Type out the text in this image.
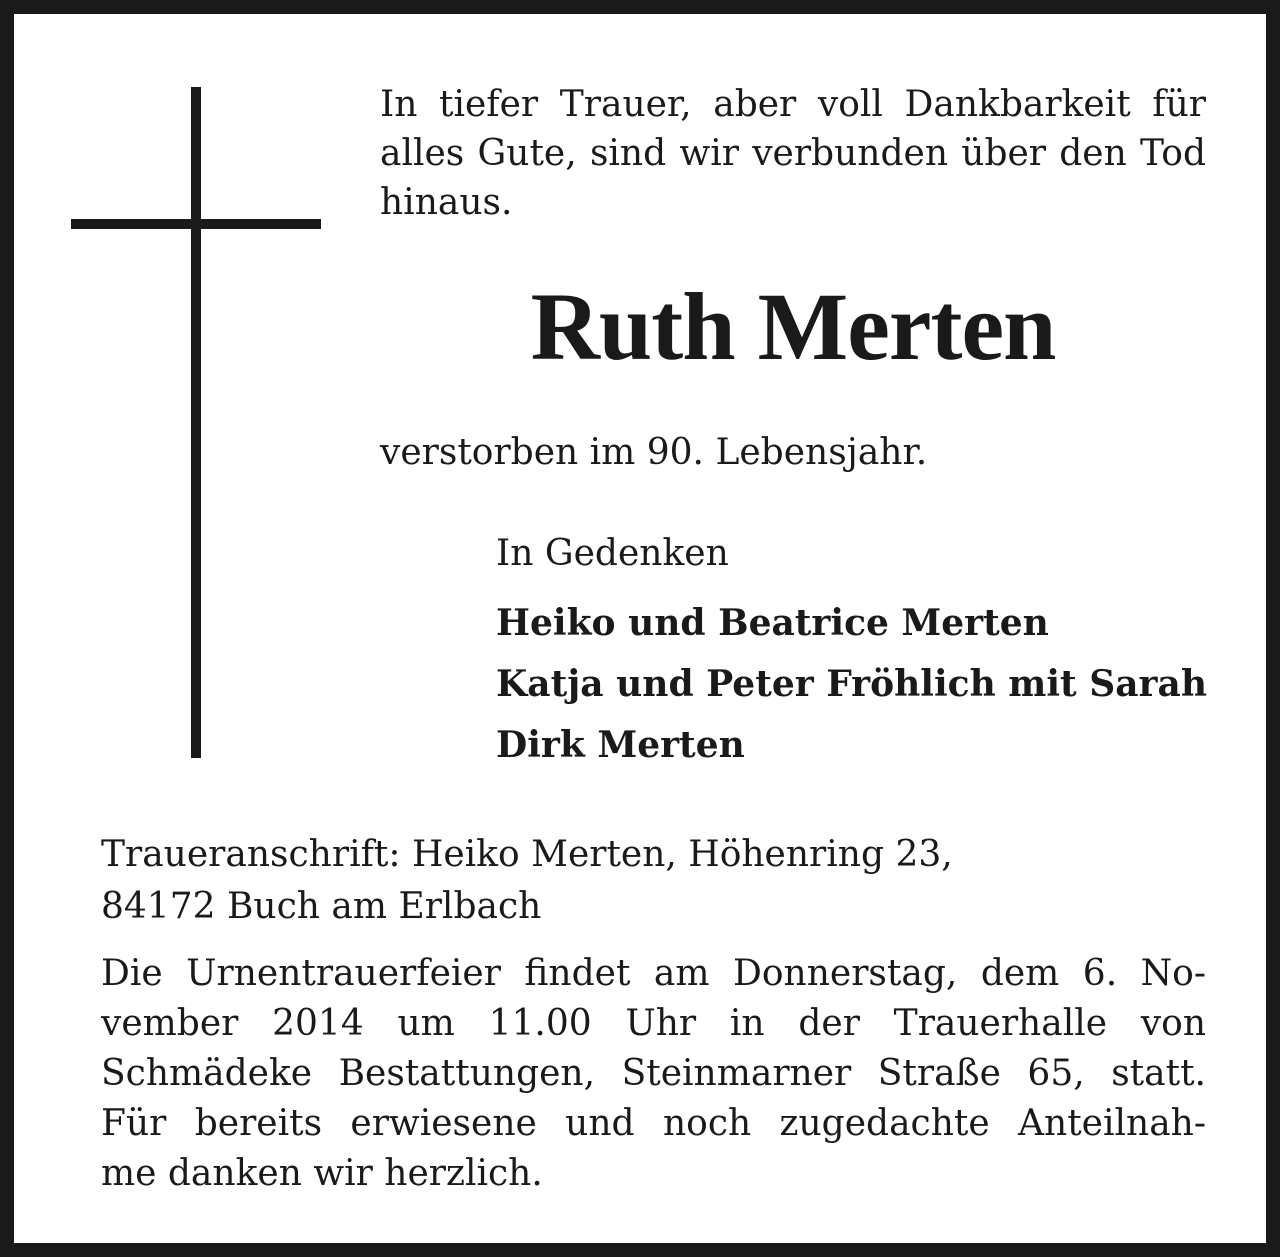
In tiefer Trauer, aber voll Dankbarkeit für alles Gute, sind wir verbunden über den Tod hinaus.

Ruth Merten

verstorben im 90. Lebensjahr.

In Gedenken

Heiko und Beatrice Merten

Katja und Peter Fröhlich mit Sarah

Dirk Merten

Traueranschrift: Heiko Merten, Höhenring 23,
84172 Buch am Erlbach

Die Urnentrauerfeier findet am Donnerstag, dem 6. No-
vember 2014 um 11.00 Uhr in der Trauerhalle von
Schmädeke Bestattungen, Steinmarner Straße 65, statt.
Für bereits erwiesene und noch zugedachte Anteilnah-
me danken wir herzlich.
